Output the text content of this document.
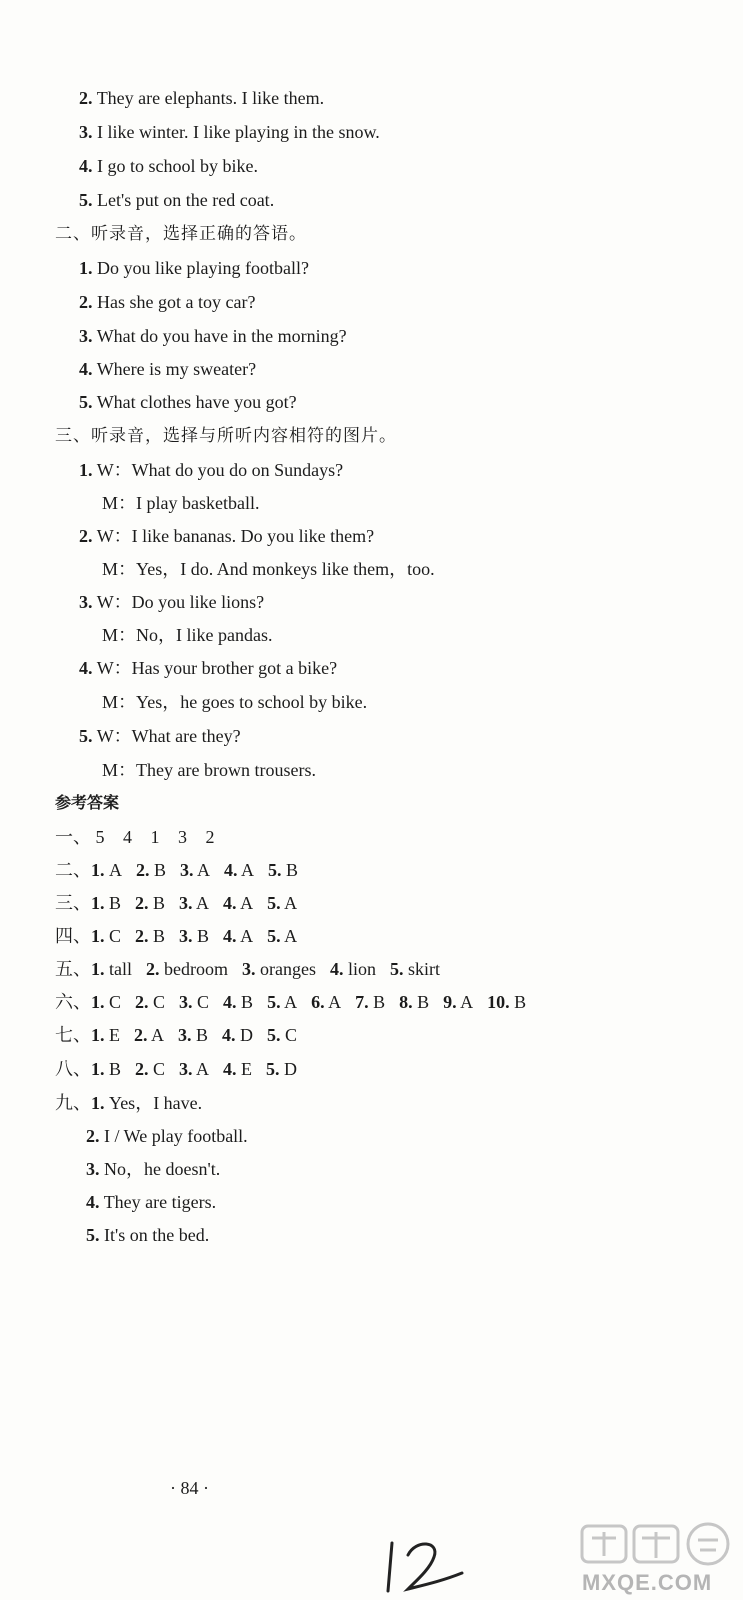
2. They are elephants. I like them.
3. I like winter. I like playing in the snow.
4. I go to school by bike.
5. Let's put on the red coat.
二、听录音，选择正确的答语。
1. Do you like playing football?
2. Has she got a toy car?
3. What do you have in the morning?
4. Where is my sweater?
5. What clothes have you got?
三、听录音，选择与所听内容相符的图片。
1. W：What do you do on Sundays?
M：I play basketball.
2. W：I like bananas. Do you like them?
M：Yes，I do. And monkeys like them，too.
3. W：Do you like lions?
M：No，I like pandas.
4. W：Has your brother got a bike?
M：Yes，he goes to school by bike.
5. W：What are they?
M：They are brown trousers.
参考答案
一、 5 4 1 3 2
二、1. A 2. B 3. A 4. A 5. B
三、1. B 2. B 3. A 4. A 5. A
四、1. C 2. B 3. B 4. A 5. A
五、1. tall 2. bedroom 3. oranges 4. lion 5. skirt
六、1. C 2. C 3. C 4. B 5. A 6. A 7. B 8. B 9. A 10. B
七、1. E 2. A 3. B 4. D 5. C
八、1. B 2. C 3. A 4. E 5. D
九、1. Yes，I have.
2. I / We play football.
3. No，he doesn't.
4. They are tigers.
5. It's on the bed.
· 84 ·
MXQE.COM
